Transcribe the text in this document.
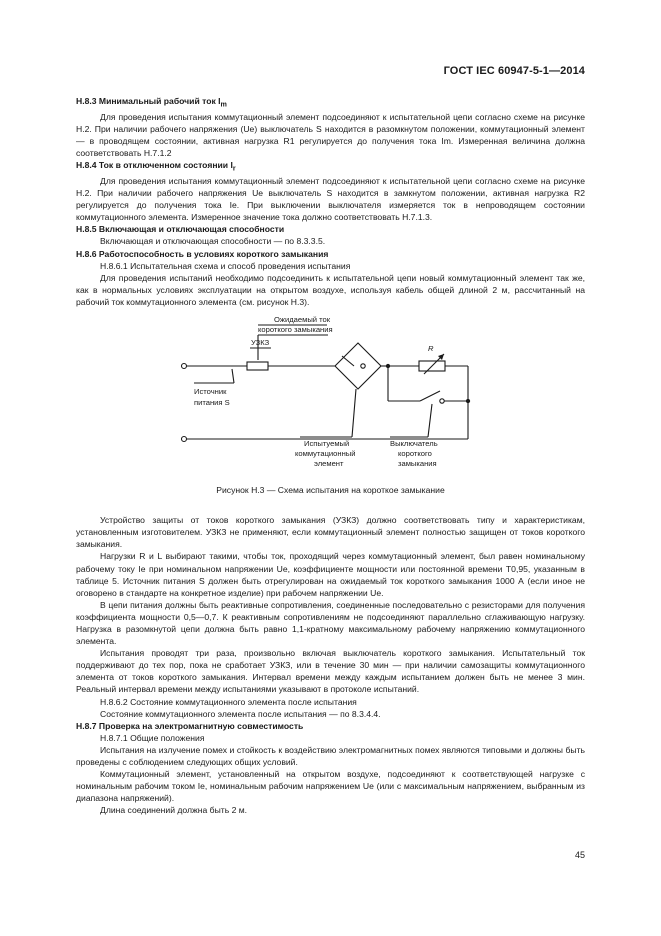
ГОСТ IEC 60947-5-1—2014

Н.8.3 Минимальный рабочий ток $I_m$

Для проведения испытания коммутационный элемент подсоединяют к испытательной цепи согласно схеме на рисунке Н.2. При наличии рабочего напряжения (Ue) выключатель S находится в разомкнутом положении, коммутационный элемент — в проводящем состоянии, активная нагрузка R1 регулируется до получения тока Im. Измеренная величина должна соответствовать Н.7.1.2

Н.8.4 Ток в отключенном состоянии $I_r$

Для проведения испытания коммутационный элемент подсоединяют к испытательной цепи согласно схеме на рисунке Н.2. При наличии рабочего напряжения Ue выключатель S находится в замкнутом положении, активная нагрузка R2 регулируется до получения тока Ie. При выключении выключателя измеряется ток в непроводящем состоянии коммутационного элемента. Измеренное значение тока должно соответствовать Н.7.1.3.

Н.8.5 Включающая и отключающая способности

Включающая и отключающая способности — по 8.3.3.5.

Н.8.6 Работоспособность в условиях короткого замыкания

Н.8.6.1 Испытательная схема и способ проведения испытания

Для проведения испытаний необходимо подсоединить к испытательной цепи новый коммутационный элемент так же, как в нормальных условиях эксплуатации на открытом воздухе, используя кабель общей длиной 2 м, рассчитанный на рабочий ток коммутационного элемента (см. рисунок Н.3).

Ожидаемый ток
короткого замыкания
УЗКЗ
R
Источник
питания S
Испытуемый
коммутационный
элемент
Выключатель
короткого
замыкания

Рисунок Н.3 — Схема испытания на короткое замыкание

Устройство защиты от токов короткого замыкания (УЗКЗ) должно соответствовать типу и характеристикам, установленным изготовителем. УЗКЗ не применяют, если коммутационный элемент полностью защищен от токов короткого замыкания.

Нагрузки R и L выбирают такими, чтобы ток, проходящий через коммутационный элемент, был равен номинальному рабочему току Ie при номинальном напряжении Ue, коэффициенте мощности или постоянной времени T0,95, указанным в таблице 5. Источник питания S должен быть отрегулирован на ожидаемый ток короткого замыкания 1000 А (если иное не оговорено в стандарте на конкретное изделие) при рабочем напряжении Ue.

В цепи питания должны быть реактивные сопротивления, соединенные последовательно с резисторами для получения коэффициента мощности 0,5—0,7. К реактивным сопротивлениям не подсоединяют параллельно сглаживающую нагрузку. Нагрузка в разомкнутой цепи должна быть равно 1,1-кратному максимальному рабочему напряжению коммутационного элемента.

Испытания проводят три раза, произвольно включая выключатель короткого замыкания. Испытательный ток поддерживают до тех пор, пока не сработает УЗКЗ, или в течение 30 мин — при наличии самозащиты коммутационного элемента от токов короткого замыкания. Интервал времени между каждым испытанием должен быть не менее 3 мин. Реальный интервал времени между испытаниями указывают в протоколе испытаний.

Н.8.6.2 Состояние коммутационного элемента после испытания

Состояние коммутационного элемента после испытания — по 8.3.4.4.

Н.8.7 Проверка на электромагнитную совместимость

Н.8.7.1 Общие положения

Испытания на излучение помех и стойкость к воздействию электромагнитных помех являются типовыми и должны быть проведены с соблюдением следующих общих условий.

Коммутационный элемент, установленный на открытом воздухе, подсоединяют к соответствующей нагрузке с номинальным рабочим током Ie, номинальным рабочим напряжением Ue (или с максимальным напряжением, выбранным из диапазона напряжений).

Длина соединений должна быть 2 м.

45
